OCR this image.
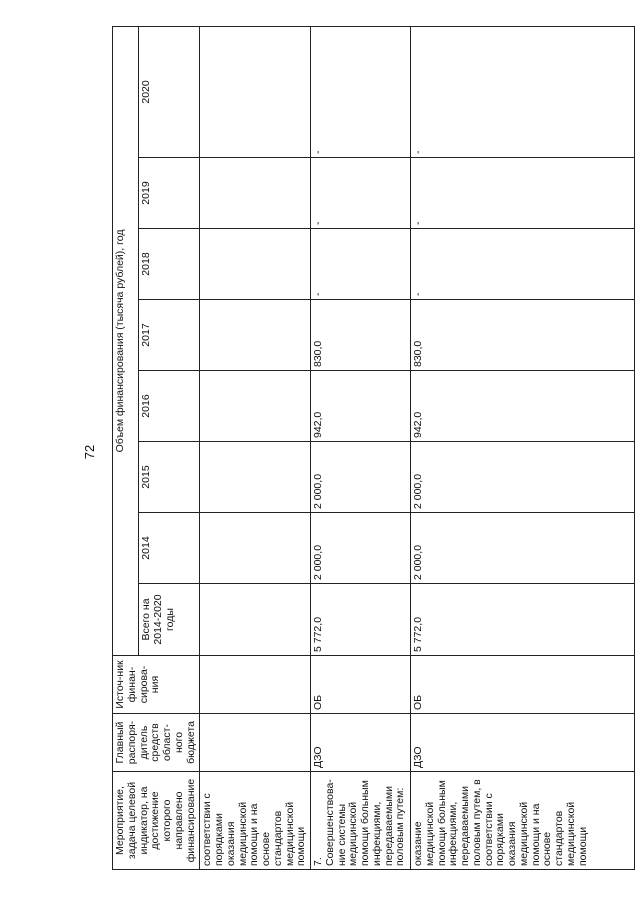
72
Мероприятие, задача целевой индикатор, на достижение которого направлено финансирование	Главный распоря-дитель средств област-ного бюджета	Источ-ник финан-сирова-ния	Объем финансирования (тысяча рублей), год							
			Всего на 2014-2020 годы	2014	2015	2016	2017	2018	2019	2020
соответствии с порядками оказания медицинской помощи и на основе стандартов медицинской помощи										
7. Совершенствова-ние системы медицинской помощи больным инфекциями, передаваемыми половым путем:	ДЗО	ОБ	5 772,0	2 000,0	2 000,0	942,0	830,0	-	-	-
оказание медицинской помощи больным инфекциями, передаваемыми половым путем, в соответствии с порядками оказания медицинской помощи и на основе стандартов медицинской помощи	ДЗО	ОБ	5 772,0	2 000,0	2 000,0	942,0	830,0	-	-	-
